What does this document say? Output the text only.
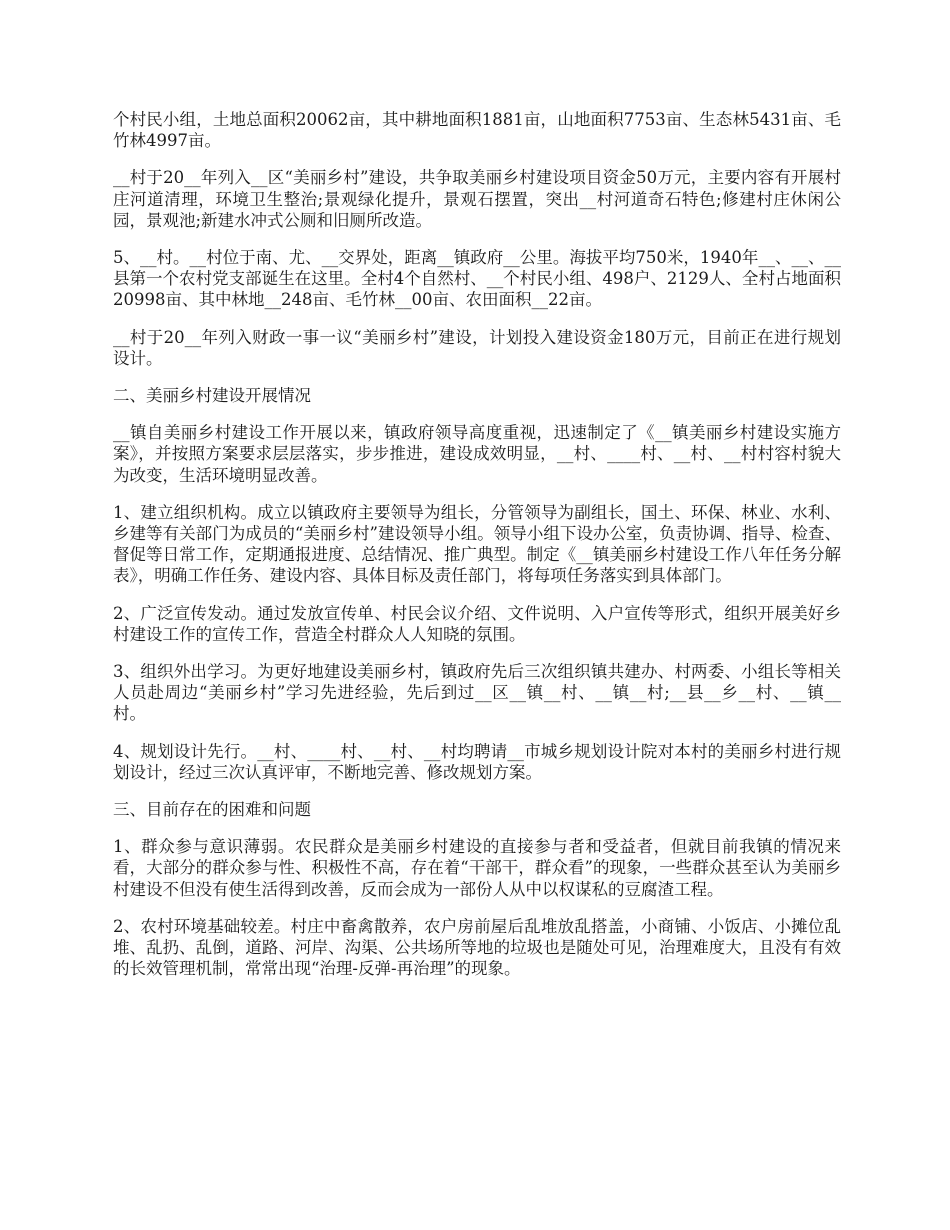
个村民小组，土地总面积20062亩，其中耕地面积1881亩，山地面积7753亩、生态林5431亩、毛竹林4997亩。

__村于20__年列入__区“美丽乡村”建设，共争取美丽乡村建设项目资金50万元，主要内容有开展村庄河道清理，环境卫生整治;景观绿化提升，景观石摆置，突出__村河道奇石特色;修建村庄休闲公园，景观池;新建水冲式公厕和旧厕所改造。

5、__村。__村位于南、尤、__交界处，距离__镇政府__公里。海拔平均750米，1940年__、__、__县第一个农村党支部诞生在这里。全村4个自然村、__个村民小组、498户、2129人、全村占地面积20998亩、其中林地__248亩、毛竹林__00亩、农田面积__22亩。

__村于20__年列入财政一事一议“美丽乡村”建设，计划投入建设资金180万元，目前正在进行规划设计。

二、美丽乡村建设开展情况

__镇自美丽乡村建设工作开展以来，镇政府领导高度重视，迅速制定了《__镇美丽乡村建设实施方案》，并按照方案要求层层落实，步步推进，建设成效明显，__村、____村、__村、__村村容村貌大为改变，生活环境明显改善。

1、建立组织机构。成立以镇政府主要领导为组长，分管领导为副组长，国土、环保、林业、水利、乡建等有关部门为成员的“美丽乡村”建设领导小组。领导小组下设办公室，负责协调、指导、检查、督促等日常工作，定期通报进度、总结情况、推广典型。制定《__镇美丽乡村建设工作八年任务分解表》，明确工作任务、建设内容、具体目标及责任部门，将每项任务落实到具体部门。

2、广泛宣传发动。通过发放宣传单、村民会议介绍、文件说明、入户宣传等形式，组织开展美好乡村建设工作的宣传工作，营造全村群众人人知晓的氛围。

3、组织外出学习。为更好地建设美丽乡村，镇政府先后三次组织镇共建办、村两委、小组长等相关人员赴周边“美丽乡村”学习先进经验，先后到过__区__镇__村、__镇__村;__县__乡__村、__镇__村。

4、规划设计先行。__村、____村、__村、__村均聘请__市城乡规划设计院对本村的美丽乡村进行规划设计，经过三次认真评审，不断地完善、修改规划方案。

三、目前存在的困难和问题

1、群众参与意识薄弱。农民群众是美丽乡村建设的直接参与者和受益者，但就目前我镇的情况来看，大部分的群众参与性、积极性不高，存在着“干部干，群众看”的现象，一些群众甚至认为美丽乡村建设不但没有使生活得到改善，反而会成为一部份人从中以权谋私的豆腐渣工程。

2、农村环境基础较差。村庄中畜禽散养，农户房前屋后乱堆放乱搭盖，小商铺、小饭店、小摊位乱堆、乱扔、乱倒，道路、河岸、沟渠、公共场所等地的垃圾也是随处可见，治理难度大，且没有有效的长效管理机制，常常出现“治理-反弹-再治理”的现象。
